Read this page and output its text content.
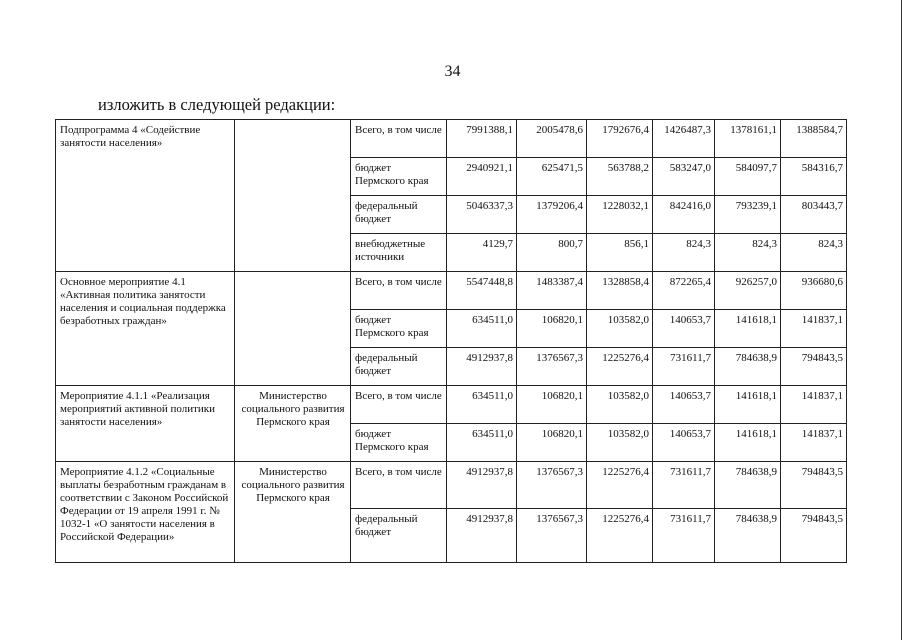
34
изложить в следующей редакции:
Подпрограмма 4 «Содействие занятости населения»		Всего, в том числе	7991388,1	2005478,6	1792676,4	1426487,3	1378161,1	1388584,7
		бюджет Пермского края	2940921,1	625471,5	563788,2	583247,0	584097,7	584316,7
		федеральный бюджет	5046337,3	1379206,4	1228032,1	842416,0	793239,1	803443,7
		внебюджетные источники	4129,7	800,7	856,1	824,3	824,3	824,3
Основное мероприятие 4.1 «Активная политика занятости населения и социальная поддержка безработных граждан»		Всего, в том числе	5547448,8	1483387,4	1328858,4	872265,4	926257,0	936680,6
		бюджет Пермского края	634511,0	106820,1	103582,0	140653,7	141618,1	141837,1
		федеральный бюджет	4912937,8	1376567,3	1225276,4	731611,7	784638,9	794843,5
Мероприятие 4.1.1 «Реализация мероприятий активной политики занятости населения»	Министерство социального развития Пермского края	Всего, в том числе	634511,0	106820,1	103582,0	140653,7	141618,1	141837,1
		бюджет Пермского края	634511,0	106820,1	103582,0	140653,7	141618,1	141837,1
Мероприятие 4.1.2 «Социальные выплаты безработным гражданам в соответствии с Законом Российской Федерации от 19 апреля 1991 г. № 1032-1 «О занятости населения в Российской Федерации»	Министерство социального развития Пермского края	Всего, в том числе	4912937,8	1376567,3	1225276,4	731611,7	784638,9	794843,5
		федеральный бюджет	4912937,8	1376567,3	1225276,4	731611,7	784638,9	794843,5
